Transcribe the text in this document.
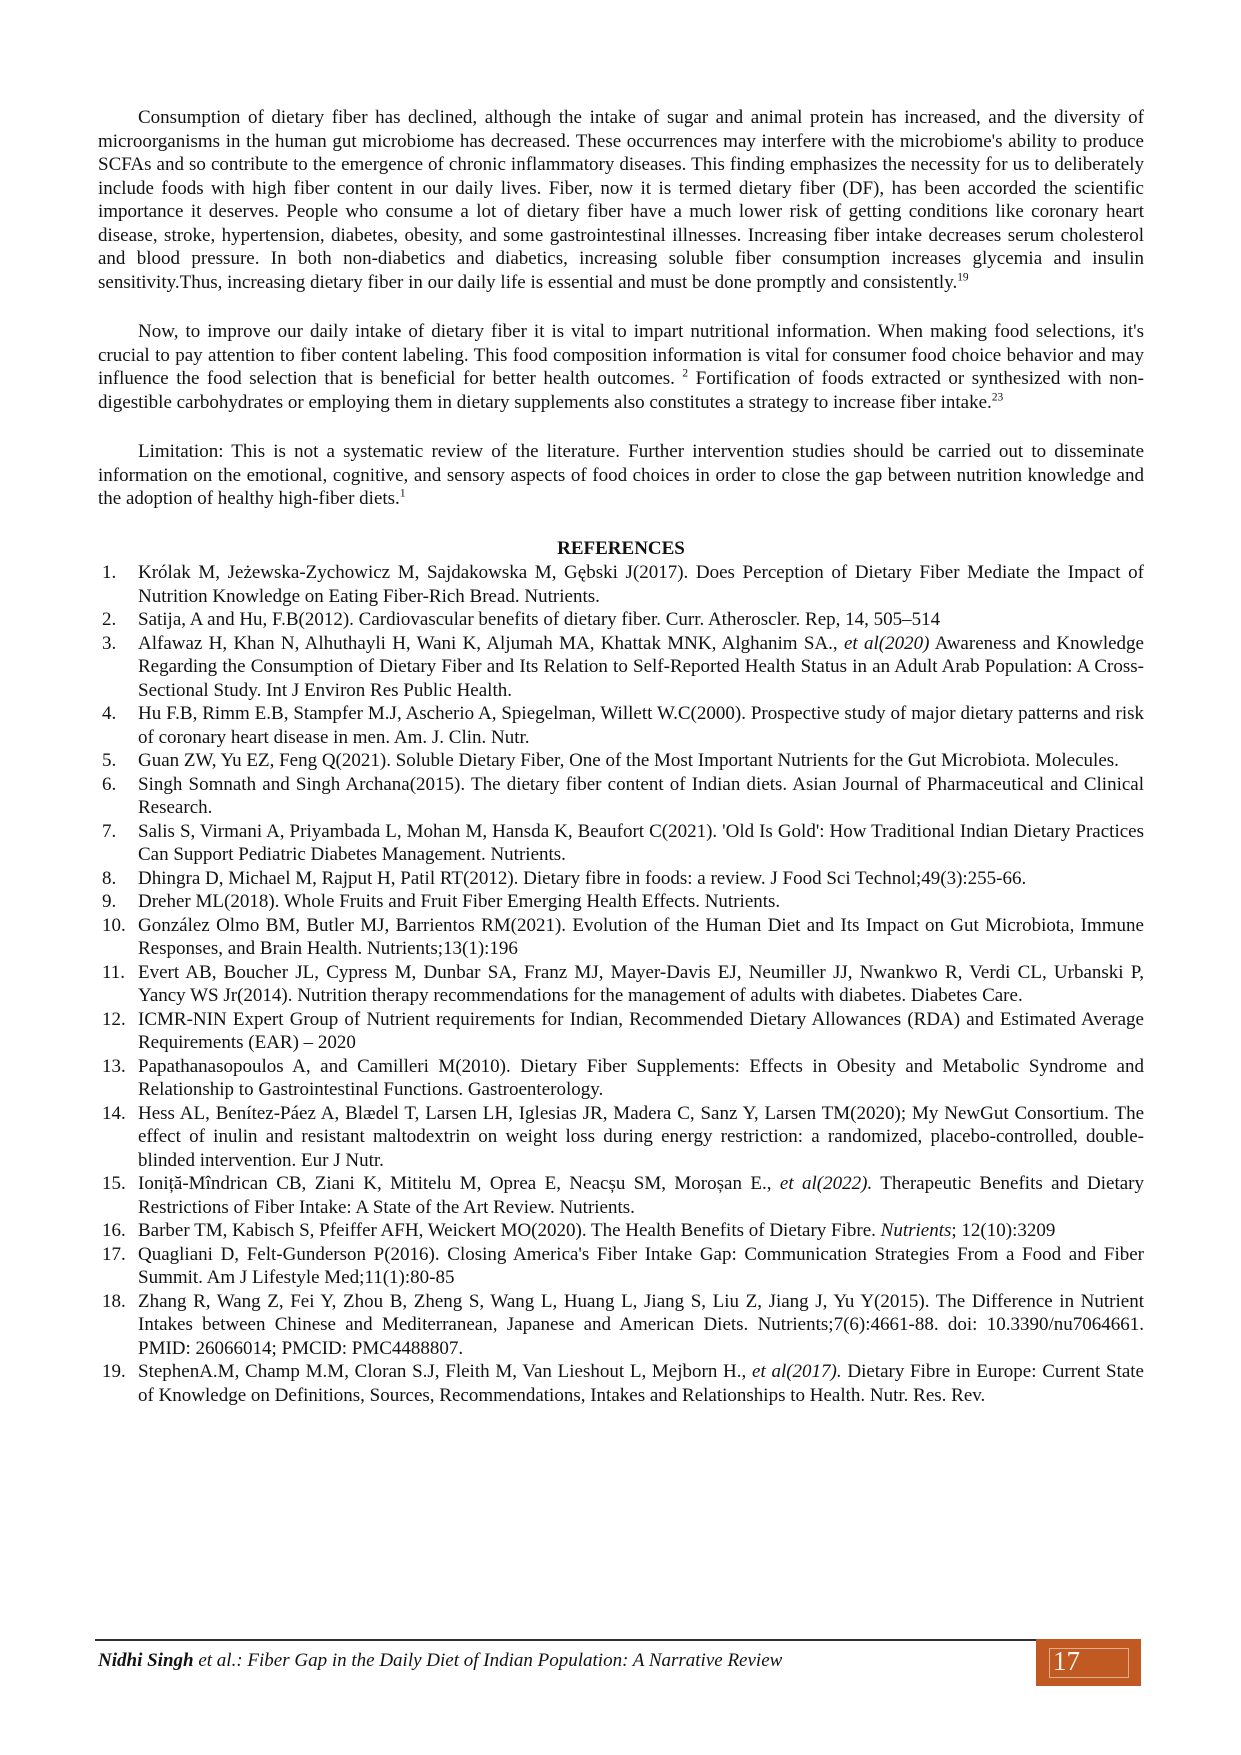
Consumption of dietary fiber has declined, although the intake of sugar and animal protein has increased, and the diversity of microorganisms in the human gut microbiome has decreased. These occurrences may interfere with the microbiome's ability to produce SCFAs and so contribute to the emergence of chronic inflammatory diseases. This finding emphasizes the necessity for us to deliberately include foods with high fiber content in our daily lives. Fiber, now it is termed dietary fiber (DF), has been accorded the scientific importance it deserves. People who consume a lot of dietary fiber have a much lower risk of getting conditions like coronary heart disease, stroke, hypertension, diabetes, obesity, and some gastrointestinal illnesses. Increasing fiber intake decreases serum cholesterol and blood pressure. In both non-diabetics and diabetics, increasing soluble fiber consumption increases glycemia and insulin sensitivity.Thus, increasing dietary fiber in our daily life is essential and must be done promptly and consistently.$^{19}$

Now, to improve our daily intake of dietary fiber it is vital to impart nutritional information. When making food selections, it's crucial to pay attention to fiber content labeling. This food composition information is vital for consumer food choice behavior and may influence the food selection that is beneficial for better health outcomes. $^2$ Fortification of foods extracted or synthesized with non-digestible carbohydrates or employing them in dietary supplements also constitutes a strategy to increase fiber intake.$^{23}$

Limitation: This is not a systematic review of the literature. Further intervention studies should be carried out to disseminate information on the emotional, cognitive, and sensory aspects of food choices in order to close the gap between nutrition knowledge and the adoption of healthy high-fiber diets.$^1$

REFERENCES
1. Królak M, Jeżewska-Zychowicz M, Sajdakowska M, Gębski J(2017). Does Perception of Dietary Fiber Mediate the Impact of Nutrition Knowledge on Eating Fiber-Rich Bread. Nutrients.
2. Satija, A and Hu, F.B(2012). Cardiovascular benefits of dietary fiber. Curr. Atheroscler. Rep, 14, 505–514
3. Alfawaz H, Khan N, Alhuthayli H, Wani K, Aljumah MA, Khattak MNK, Alghanim SA., et al(2020) Awareness and Knowledge Regarding the Consumption of Dietary Fiber and Its Relation to Self-Reported Health Status in an Adult Arab Population: A Cross-Sectional Study. Int J Environ Res Public Health.
4. Hu F.B, Rimm E.B, Stampfer M.J, Ascherio A, Spiegelman, Willett W.C(2000). Prospective study of major dietary patterns and risk of coronary heart disease in men. Am. J. Clin. Nutr.
5. Guan ZW, Yu EZ, Feng Q(2021). Soluble Dietary Fiber, One of the Most Important Nutrients for the Gut Microbiota. Molecules.
6. Singh Somnath and Singh Archana(2015). The dietary fiber content of Indian diets. Asian Journal of Pharmaceutical and Clinical Research.
7. Salis S, Virmani A, Priyambada L, Mohan M, Hansda K, Beaufort C(2021). 'Old Is Gold': How Traditional Indian Dietary Practices Can Support Pediatric Diabetes Management. Nutrients.
8. Dhingra D, Michael M, Rajput H, Patil RT(2012). Dietary fibre in foods: a review. J Food Sci Technol;49(3):255-66.
9. Dreher ML(2018). Whole Fruits and Fruit Fiber Emerging Health Effects. Nutrients.
10. González Olmo BM, Butler MJ, Barrientos RM(2021). Evolution of the Human Diet and Its Impact on Gut Microbiota, Immune Responses, and Brain Health. Nutrients;13(1):196
11. Evert AB, Boucher JL, Cypress M, Dunbar SA, Franz MJ, Mayer-Davis EJ, Neumiller JJ, Nwankwo R, Verdi CL, Urbanski P, Yancy WS Jr(2014). Nutrition therapy recommendations for the management of adults with diabetes. Diabetes Care.
12. ICMR-NIN Expert Group of Nutrient requirements for Indian, Recommended Dietary Allowances (RDA) and Estimated Average Requirements (EAR) – 2020
13. Papathanasopoulos A, and Camilleri M(2010). Dietary Fiber Supplements: Effects in Obesity and Metabolic Syndrome and Relationship to Gastrointestinal Functions. Gastroenterology.
14. Hess AL, Benítez-Páez A, Blædel T, Larsen LH, Iglesias JR, Madera C, Sanz Y, Larsen TM(2020); My NewGut Consortium. The effect of inulin and resistant maltodextrin on weight loss during energy restriction: a randomized, placebo-controlled, double-blinded intervention. Eur J Nutr.
15. Ioniță-Mîndrican CB, Ziani K, Mititelu M, Oprea E, Neacșu SM, Moroșan E., et al(2022). Therapeutic Benefits and Dietary Restrictions of Fiber Intake: A State of the Art Review. Nutrients.
16. Barber TM, Kabisch S, Pfeiffer AFH, Weickert MO(2020). The Health Benefits of Dietary Fibre. Nutrients; 12(10):3209
17. Quagliani D, Felt-Gunderson P(2016). Closing America's Fiber Intake Gap: Communication Strategies From a Food and Fiber Summit. Am J Lifestyle Med;11(1):80-85
18. Zhang R, Wang Z, Fei Y, Zhou B, Zheng S, Wang L, Huang L, Jiang S, Liu Z, Jiang J, Yu Y(2015). The Difference in Nutrient Intakes between Chinese and Mediterranean, Japanese and American Diets. Nutrients;7(6):4661-88. doi: 10.3390/nu7064661. PMID: 26066014; PMCID: PMC4488807.
19. StephenA.M, Champ M.M, Cloran S.J, Fleith M, Van Lieshout L, Mejborn H., et al(2017). Dietary Fibre in Europe: Current State of Knowledge on Definitions, Sources, Recommendations, Intakes and Relationships to Health. Nutr. Res. Rev.
Nidhi Singh et al.: Fiber Gap in the Daily Diet of Indian Population: A Narrative Review	17
